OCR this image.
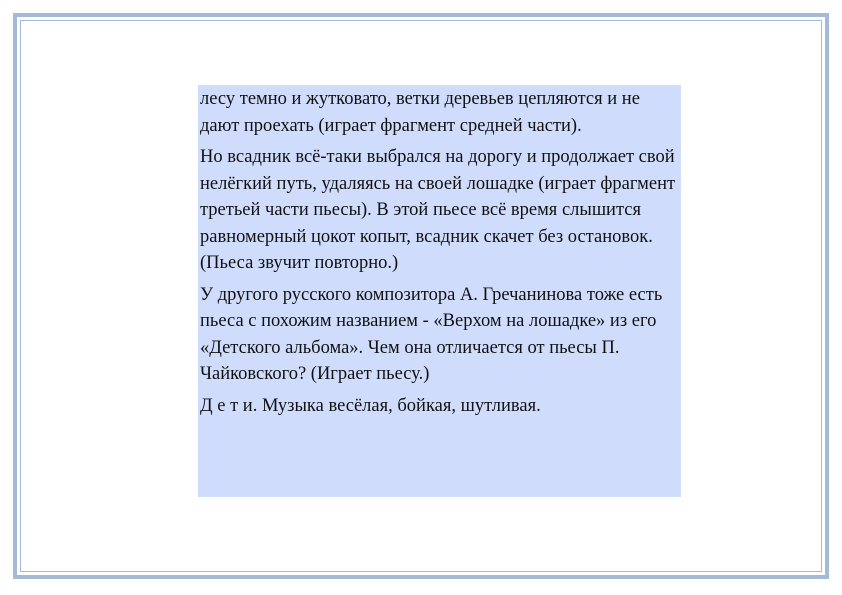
лесу темно и жутковато, ветки деревьев цепляются и не дают проехать (играет фрагмент средней части).

Но всадник всё-таки выбрался на дорогу и продолжает свой нелёгкий путь, удаляясь на своей лошадке (играет фрагмент третьей части пьесы). В этой пьесе всё время слышится равномерный цокот копыт, всадник скачет без остановок. (Пьеса звучит повторно.)

У другого русского композитора А. Гречанинова тоже есть пьеса с похожим названием - «Верхом на лошадке» из его «Детского альбома». Чем она отличается от пьесы П. Чайковского? (Играет пьесу.)

Д е т и. Музыка весёлая, бойкая, шутливая.
